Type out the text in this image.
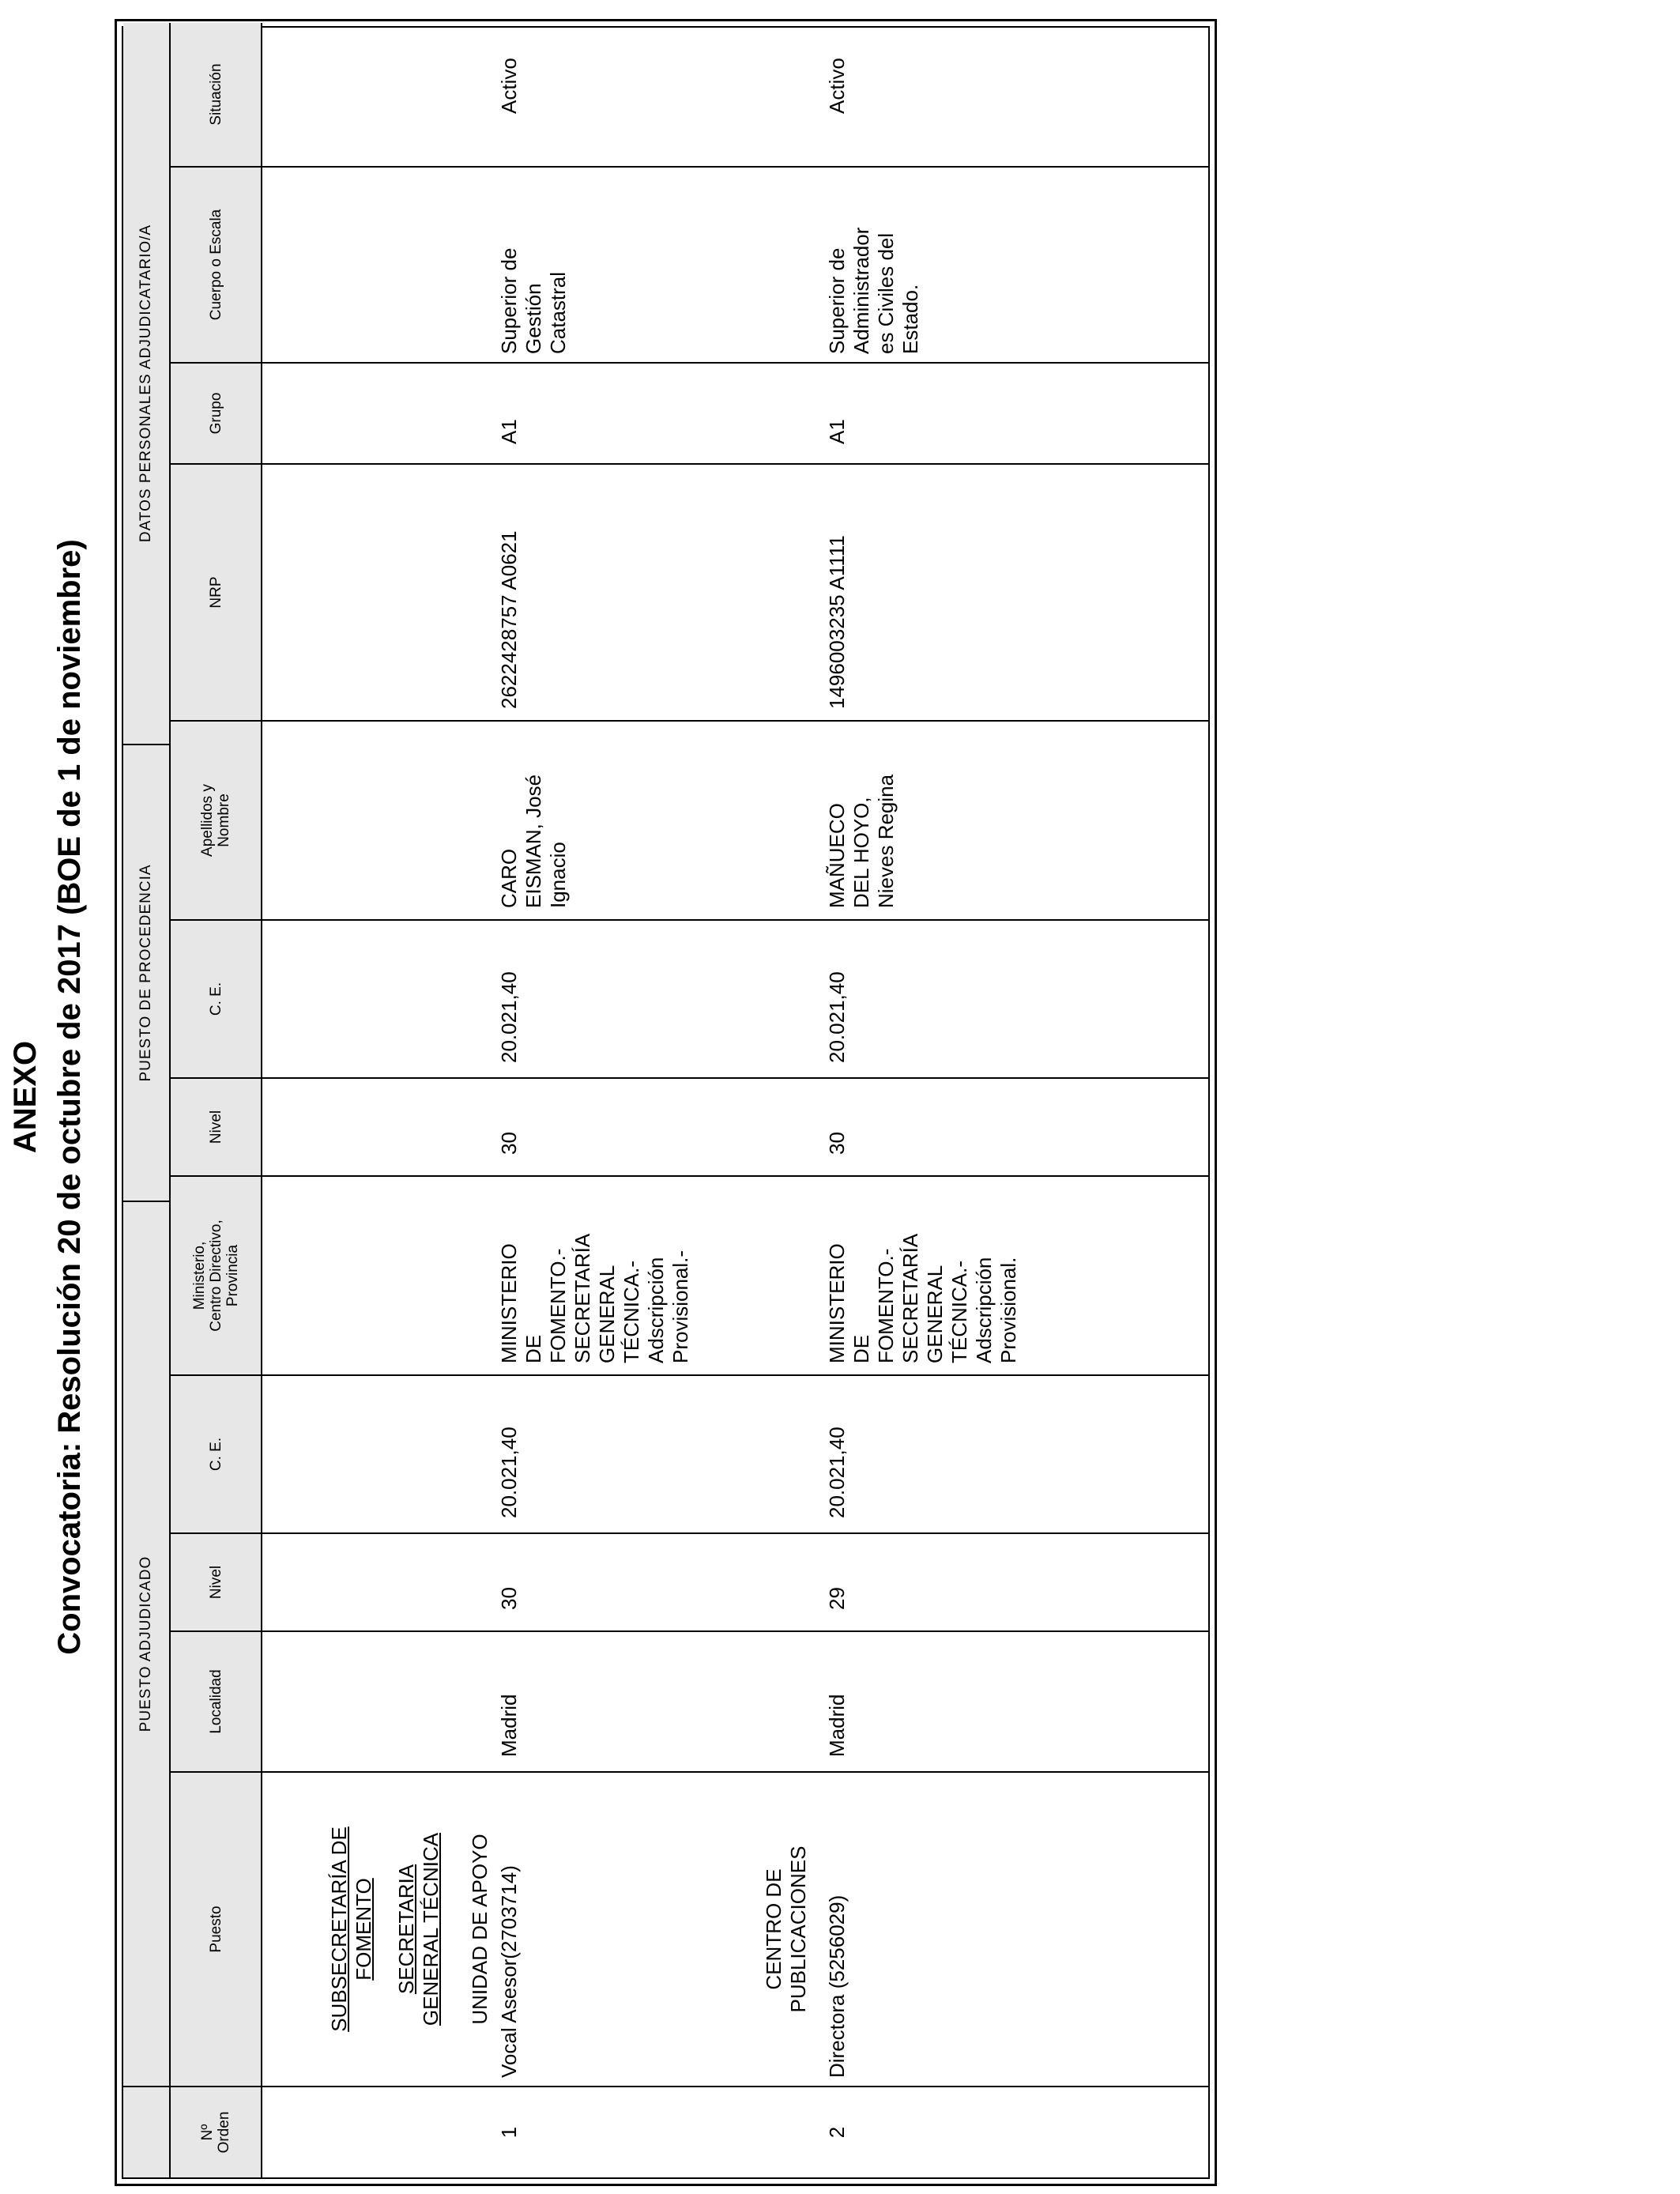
ANEXO Convocatoria: Resolución 20 de octubre de 2017 (BOE de 1 de noviembre)	PUESTO ADJUDICADO
PUESTO DE PROCEDENCIA
DATOS PERSONALES ADJUDICATARIO/A
Nº Orden
Puesto
Localidad
Nivel
C. E.
Ministerio, Centro Directivo, Provincia
Nivel
C. E.
Apellidos y Nombre
NRP
Grupo
Cuerpo o Escala
Situación
SUBSECRETARÍA DE FOMENTO SECRETARIA GENERAL TÉCNICA UNIDAD DE APOYO	CENTRO DE PUBLICACIONES
1
Vocal Asesor(2703714)
Madrid
30
20.021,40
MINISTERIO DE FOMENTO.- SECRETARÍA GENERAL TÉCNICA.- Adscripción Provisional.-
30
20.021,40
CARO EISMAN, José Ignacio
2622428757 A0621
A1
Superior de Gestión Catastral
Activo
2
Directora (5256029)
Madrid
29
20.021,40
MINISTERIO DE FOMENTO.- SECRETARÍA GENERAL TÉCNICA.- Adscripción Provisional.
30
20.021,40
MAÑUECO DEL HOYO, Nieves Regina
1496003235 A1111
A1
Superior de Administrador es Civiles del Estado.
Activo
